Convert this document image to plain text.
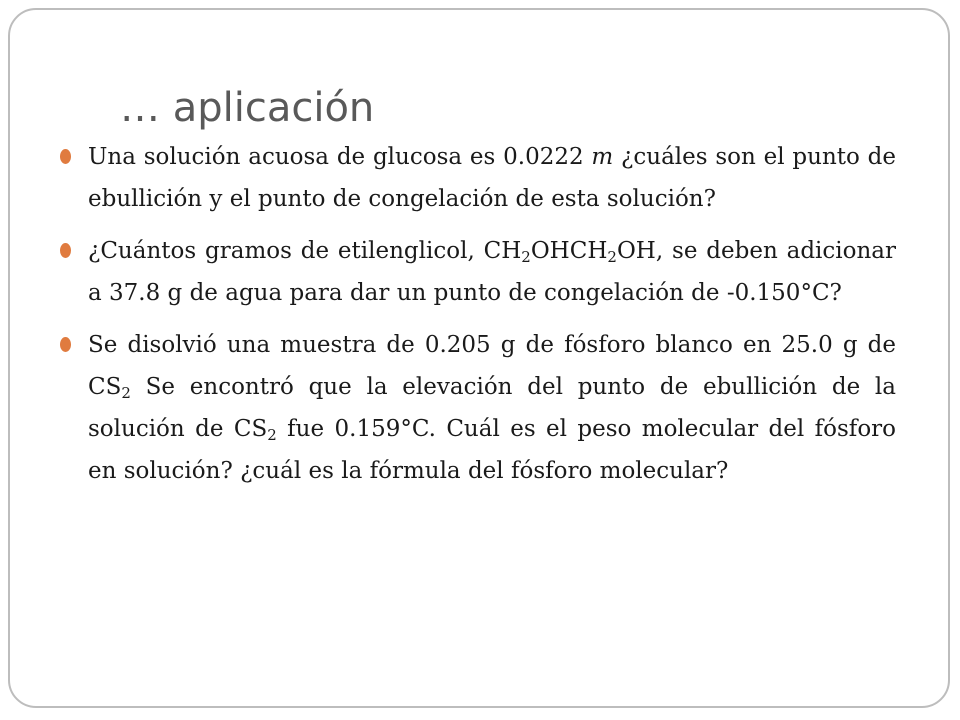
… aplicación
Una solución acuosa de glucosa es 0.0222 m ¿cuáles son el punto de ebullición y el punto de congelación de esta solución?
¿Cuántos gramos de etilenglicol, $CH_2OHCH_2OH$, se deben adicionar a 37.8 g de agua para dar un punto de congelación de -0.150°C?
Se disolvió una muestra de 0.205 g de fósforo blanco en 25.0 g de $CS_2$ Se encontró que la elevación del punto de ebullición de la solución de $CS_2$ fue 0.159°C. Cuál es el peso molecular del fósforo en solución? ¿cuál es la fórmula del fósforo molecular?
